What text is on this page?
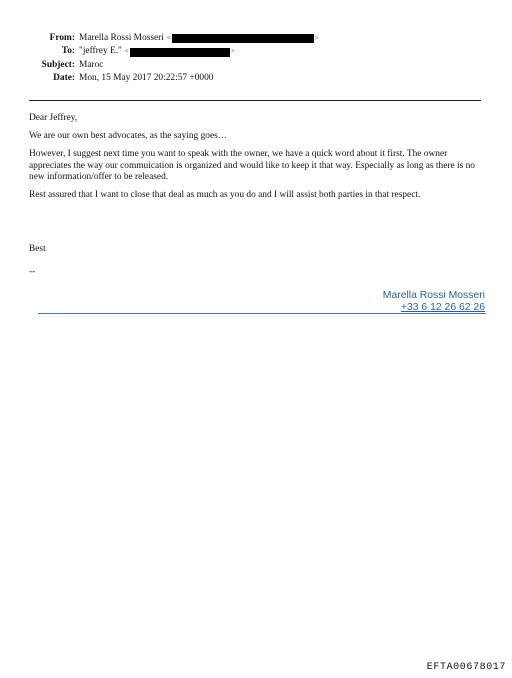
From: Marella Rossi Mosseri <	>
To: "jeffrey E." <	>
Subject: Maroc
Date: Mon, 15 May 2017 20:22:57 +0000

Dear Jeffrey,

We are our own best advocates, as the saying goes…

However, I suggest next time you want to speak with the owner, we have a quick word about it first. The owner appreciates the way our commuication is organized and would like to keep it that way. Especially as long as there is no new information/offer to be released.

Rest assured that I want to close that deal as much as you do and I will assist both parties in that respect.

Best
--
Marella Rossi Mosseri
+33 6 12 26 62 26
EFTA00678017
